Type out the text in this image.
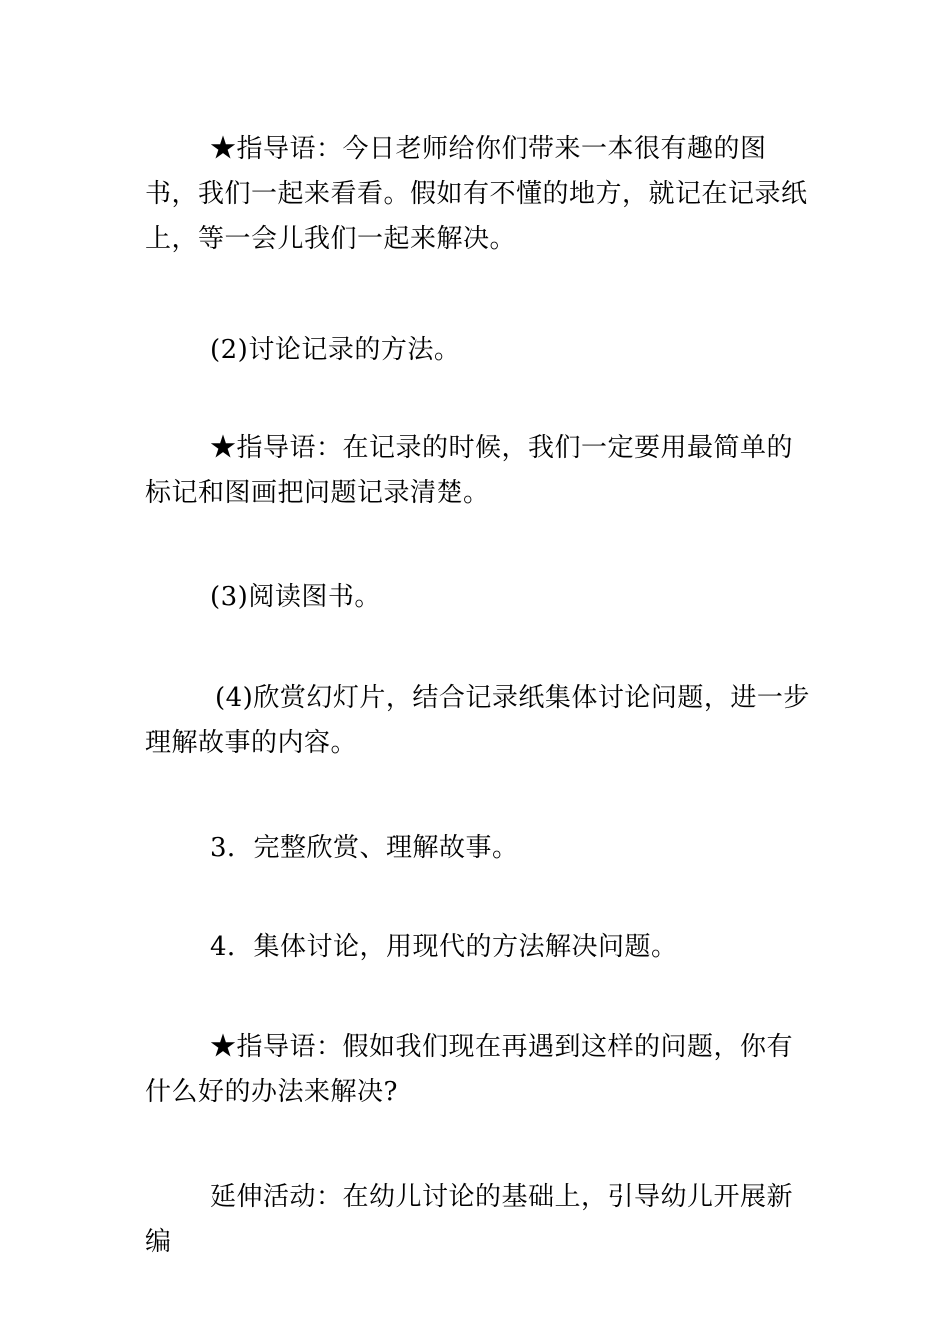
★指导语：今日老师给你们带来一本很有趣的图书，我们一起来看看。假如有不懂的地方，就记在记录纸上，等一会儿我们一起来解决。

(2)讨论记录的方法。

★指导语：在记录的时候，我们一定要用最简单的标记和图画把问题记录清楚。

(3)阅读图书。

(4)欣赏幻灯片，结合记录纸集体讨论问题，进一步理解故事的内容。

3．完整欣赏、理解故事。

4．集体讨论，用现代的方法解决问题。

★指导语：假如我们现在再遇到这样的问题，你有什么好的办法来解决?

延伸活动：在幼儿讨论的基础上，引导幼儿开展新编
